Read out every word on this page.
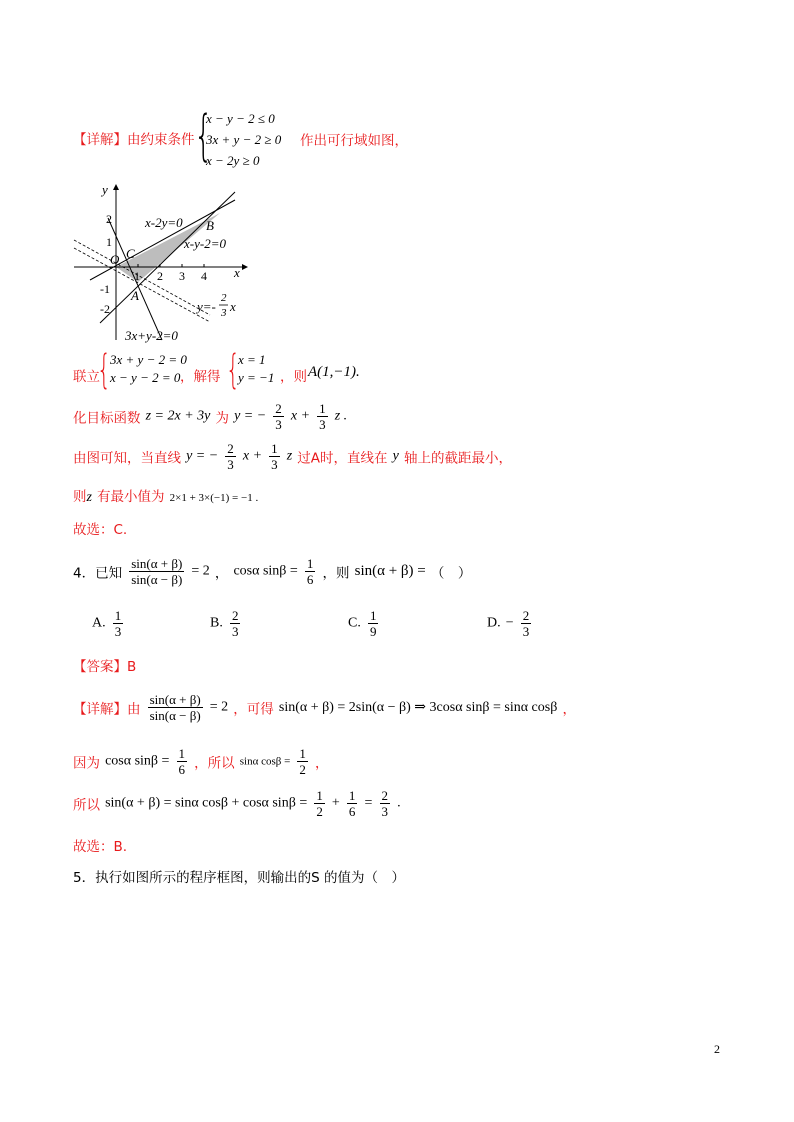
【详解】由约束条件 {
x − y − 2 ≤ 0
3x + y − 2 ≥ 0
x − 2y ≥ 0
作出可行域如图，
y
x
O
1 2 3 4
2
1
-1
-2
x-2y=0
x-y-2=0
3x+y-2=0
y=-
2
3 x
A
B
C
联立
{ 3x + y − 2 = 0
x − y − 2 = 0 ，解得 {
x = 1
y = −1 ，则 A(1,−1).
化目标函数 z = 2x + 3y 为 y = − $\frac{2}{3}$ $x + \frac{1}{3}$ z .
由图可知，当直线 y = − $\frac{2}{3}$ $x + \frac{1}{3}$ z 过A时，直线在 y 轴上的截距最小，
则z 有最小值为 2×1 + 3×(−1) = −1 .
故选：C.
4．已知 $\frac{\sin(\alpha + \beta)}{\sin(\alpha - \beta)} = 2$ ， cosα $\sin\beta = \frac{1}{6}$ ，则 sin(α + β) = （　）
A. $\frac{1}{3}$	B. $\frac{2}{3}$	C. $\frac{1}{9}$	D. − $\frac{2}{3}$
【答案】B
【详解】由 $\frac{\sin(\alpha + \beta)}{\sin(\alpha - \beta)} = 2$ ，可得 sin(α + β) = 2sin(α − β) ⇒ 3cosα sinβ = sinα cosβ ，
因为 cosα $\sin\beta = \frac{1}{6}$ ，所以 sinα $\cos\beta = \frac{1}{2}$ ，
所以 sin(α + β) = sinα cosβ + cosα $\sin\beta = \frac{1}{2} + \frac{1}{6} = \frac{2}{3}$ .
故选：B.
5．执行如图所示的程序框图，则输出的S 的值为（　）
2
